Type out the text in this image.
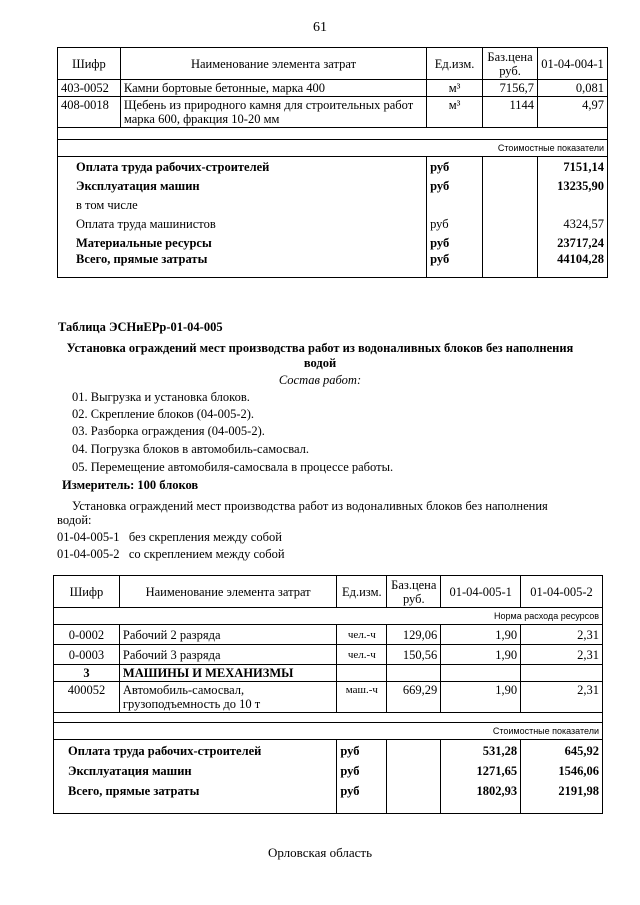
61
Шифр	Наименование элемента затрат	Ед.изм.	Баз.цена руб.	01-04-004-1
403-0052	Камни бортовые бетонные, марка 400	м³	7156,7	0,081
408-0018	Щебень из природного камня для строительных работ марка 600, фракция 10-20 мм	м³	1144	4,97

Стоимостные показатели				
Оплата труда рабочих-строителей		руб		7151,14
Эксплуатация машин		руб		13235,90
в том числе				
Оплата труда машинистов		руб		4324,57
Материальные ресурсы		руб		23717,24
Всего, прямые затраты		руб		44104,28
Таблица ЭСНиЕРр-01-04-005
Установка ограждений мест производства работ из водоналивных блоков без наполнения
водой
Состав работ:
01. Выгрузка и установка блоков.
02. Скрепление блоков (04-005-2).
03. Разборка ограждения (04-005-2).
04. Погрузка блоков в автомобиль-самосвал.
05. Перемещение автомобиля-самосвала в процессе работы.
Измеритель: 100 блоков
Установка ограждений мест производства работ из водоналивных блоков без наполнения
водой:
01-04-005-1 без скрепления между собой
01-04-005-2 со скреплением между собой
Шифр	Наименование элемента затрат	Ед.изм.	Баз.цена руб.	01-04-005-1	01-04-005-2
Норма расхода ресурсов					
0-0002	Рабочий 2 разряда	чел.-ч	129,06	1,90	2,31
0-0003	Рабочий 3 разряда	чел.-ч	150,56	1,90	2,31
3	МАШИНЫ И МЕХАНИЗМЫ				
400052	Автомобиль-самосвал, грузоподъемность до 10 т	маш.-ч	669,29	1,90	2,31

Стоимостные показатели					
Оплата труда рабочих-строителей		руб		531,28	645,92
Эксплуатация машин		руб		1271,65	1546,06
Всего, прямые затраты		руб		1802,93	2191,98
Орловская область
